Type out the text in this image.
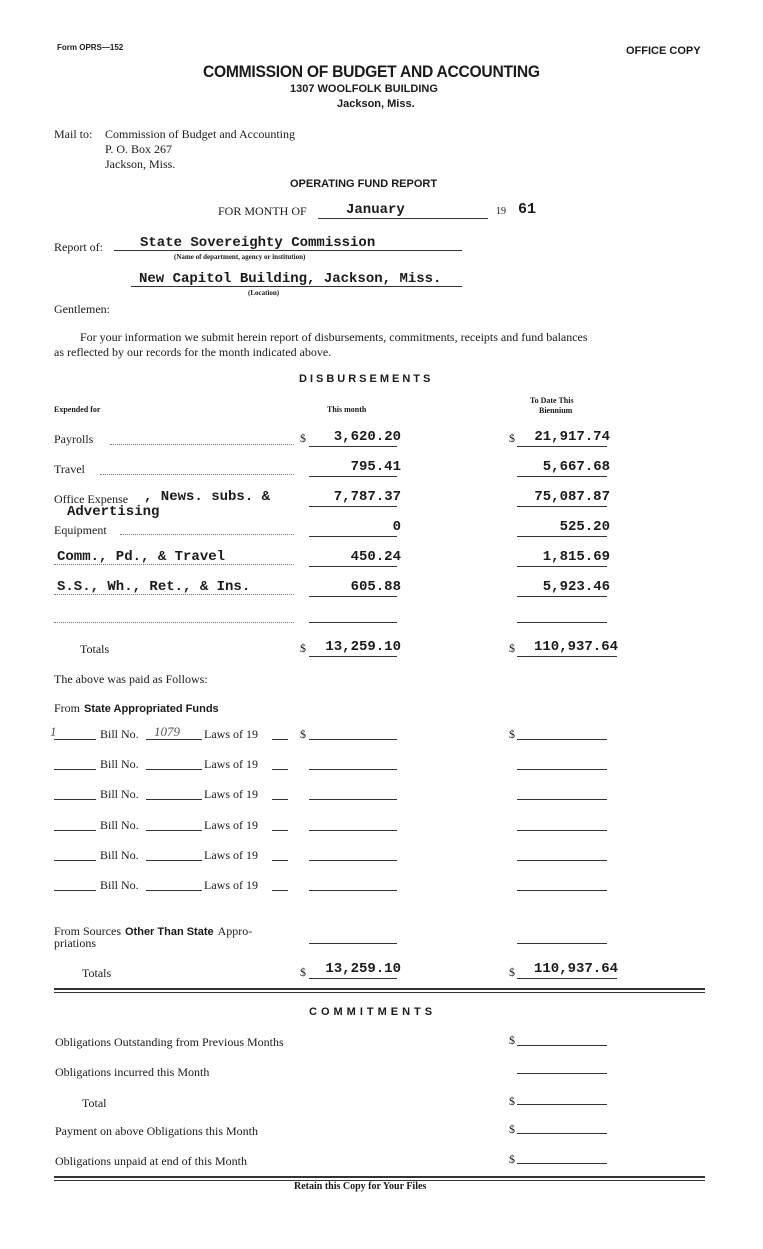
Form OPRS—152	OFFICE COPY
COMMISSION OF BUDGET AND ACCOUNTING
1307 WOOLFOLK BUILDING
Jackson, Miss.
Mail to: Commission of Budget and Accounting
P. O. Box 267
Jackson, Miss.
OPERATING FUND REPORT
FOR MONTH OF	January	19 61
Report of:	State Sovereighty Commission
(Name of department, agency or institution)
New Capitol Building, Jackson, Miss.
(Location)
Gentlemen:
For your information we submit herein report of disbursements, commitments, receipts and fund balances
as reflected by our records for the month indicated above.
DISBURSEMENTS
Expended for	This month
To Date This
Biennium
Payrolls	$	3,620.20	$	21,917.74
Travel	795.41	5,667.68
Office Expense , News. subs. &
Advertising
7,787.37	75,087.87
Equipment	0	525.20
Comm., Pd., & Travel	450.24	1,815.69
S.S., Wh., Ret., & Ins.	605.88	5,923.46
Totals	$	13,259.10	$	110,937.64
The above was paid as Follows:
From State Appropriated Funds
1	Bill No. 1079 Laws of 19	$	$
Bill No.	Laws of 19
Bill No.	Laws of 19
Bill No.	Laws of 19
Bill No.	Laws of 19
Bill No.	Laws of 19
From Sources Other Than State Appro-
priations
Totals	$	13,259.10	$	110,937.64
COMMITMENTS
Obligations Outstanding from Previous Months	$
Obligations incurred this Month
Total	$
Payment on above Obligations this Month	$
Obligations unpaid at end of this Month	$
Retain this Copy for Your Files
